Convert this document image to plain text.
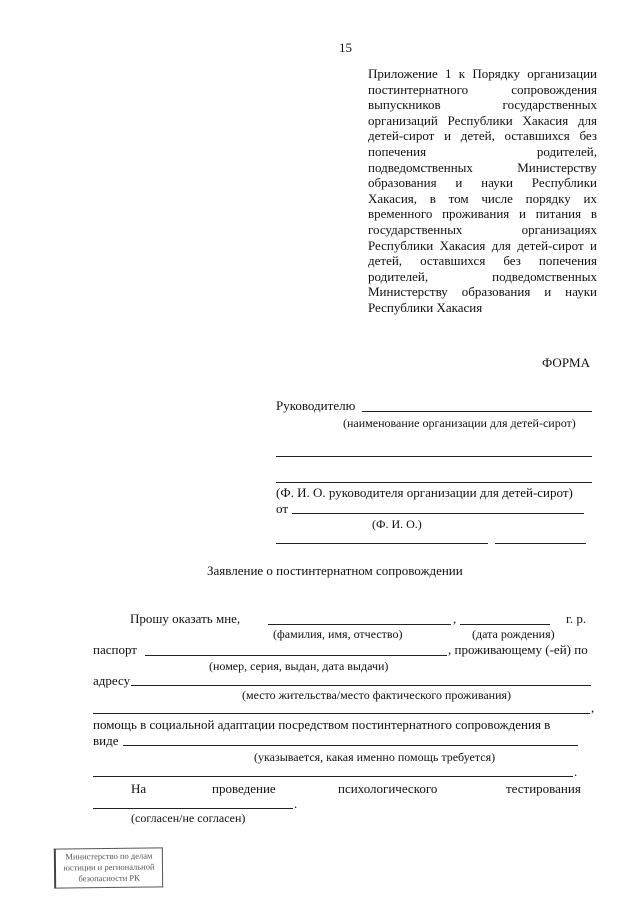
15
Приложение 1 к Порядку организации постинтернатного сопровождения выпускников государственных организаций Республики Хакасия для детей-сирот и детей, оставшихся без попечения родителей, подведомственных Министерству образования и науки Республики Хакасия, в том числе порядку их временного проживания и питания в государственных организациях Республики Хакасия для детей-сирот и детей, оставшихся без попечения родителей, подведомственных Министерству образования и науки Республики Хакасия
ФОРМА
Руководителю
(наименование организации для детей-сирот)
(Ф. И. О. руководителя организации для детей-сирот)
от
(Ф. И. О.)
Заявление о постинтернатном сопровождении
Прошу оказать мне,	,	г. р.
(фамилия, имя, отчество)	(дата рождения)
паспорт	, проживающему (-ей) по
(номер, серия, выдан, дата выдачи)
адресу
(место жительства/место фактического проживания)
,
помощь в социальной адаптации посредством постинтернатного сопровождения в
виде
(указывается, какая именно помощь требуется)
.
На	проведение	психологического	тестирования
.
(согласен/не согласен)
Министерство по делам
юстиции и региональной
безопасности РК
